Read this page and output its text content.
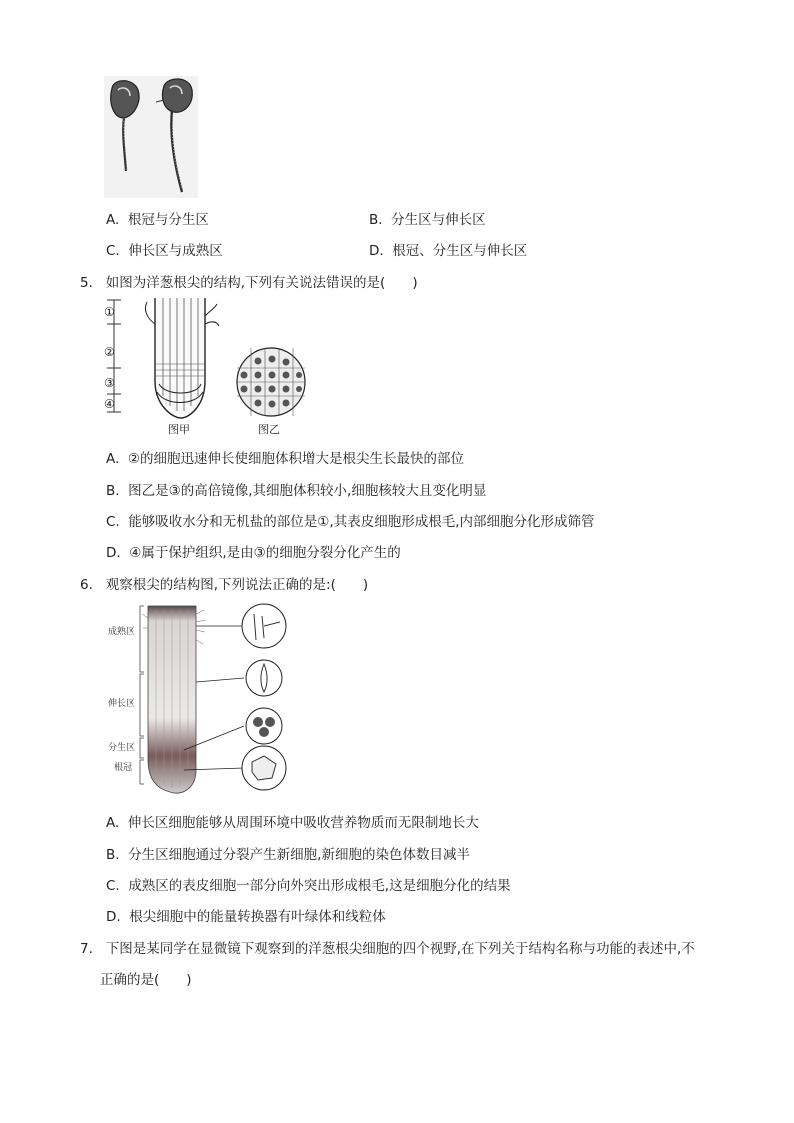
A. 根冠与分生区	B. 分生区与伸长区
C. 伸长区与成熟区	D. 根冠、分生区与伸长区
5. 如图为洋葱根尖的结构,下列有关说法错误的是(　　)
①
②
③
④
图甲	图乙
A. ②的细胞迅速伸长使细胞体积增大是根尖生长最快的部位
B. 图乙是③的高倍镜像,其细胞体积较小,细胞核较大且变化明显
C. 能够吸收水分和无机盐的部位是①,其表皮细胞形成根毛,内部细胞分化形成筛管
D. ④属于保护组织,是由③的细胞分裂分化产生的
6. 观察根尖的结构图,下列说法正确的是:(　　)
成熟区
伸长区
分生区
根冠
A. 伸长区细胞能够从周围环境中吸收营养物质而无限制地长大
B. 分生区细胞通过分裂产生新细胞,新细胞的染色体数目减半
C. 成熟区的表皮细胞一部分向外突出形成根毛,这是细胞分化的结果
D. 根尖细胞中的能量转换器有叶绿体和线粒体
7. 下图是某同学在显微镜下观察到的洋葱根尖细胞的四个视野,在下列关于结构名称与功能的表述中,不
正确的是(　　)
